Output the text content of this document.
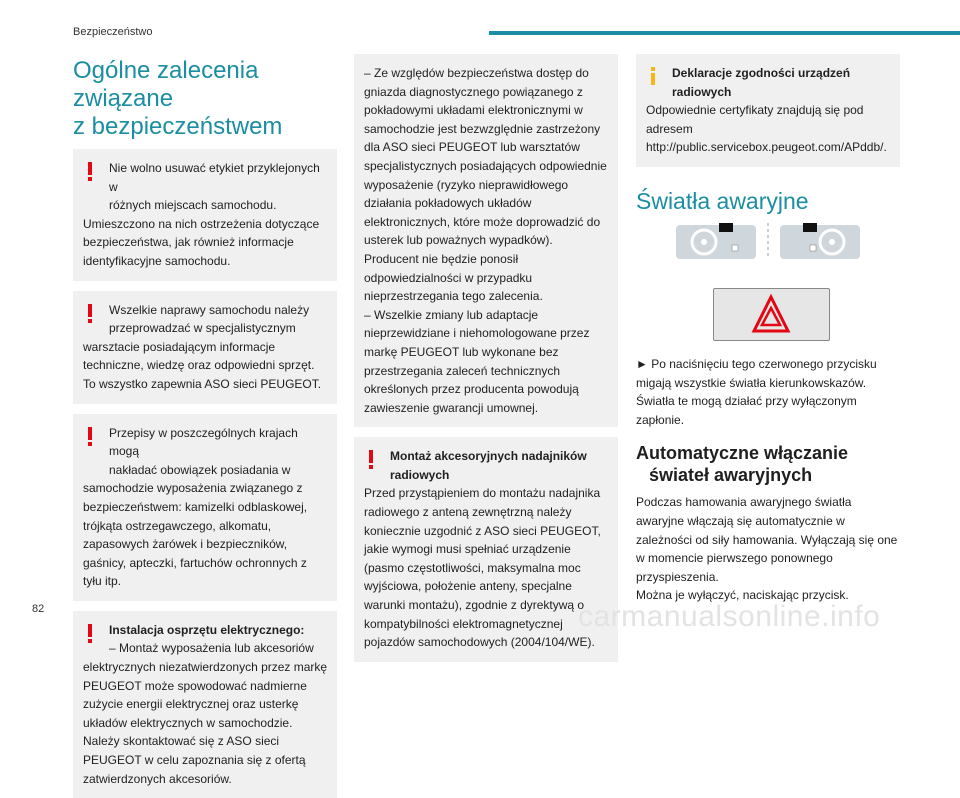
Bezpieczeństwo
Ogólne zalecenia związane
z bezpieczeństwem
Nie wolno usuwać etykiet przyklejonych w
różnych miejscach samochodu.

Umieszczono na nich ostrzeżenia dotyczące bezpieczeństwa, jak również informacje identyfikacyjne samochodu.

Wszelkie naprawy samochodu należy
przeprowadzać w specjalistycznym

warsztacie posiadającym informacje techniczne, wiedzę oraz odpowiedni sprzęt. To wszystko zapewnia ASO sieci PEUGEOT.

Przepisy w poszczególnych krajach mogą
nakładać obowiązek posiadania w

samochodzie wyposażenia związanego z bezpieczeństwem: kamizelki odblaskowej, trójkąta ostrzegawczego, alkomatu, zapasowych żarówek i bezpieczników, gaśnicy, apteczki, fartuchów ochronnych z tyłu itp.

Instalacja osprzętu elektrycznego:
– Montaż wyposażenia lub akcesoriów

elektrycznych niezatwierdzonych przez markę PEUGEOT może spowodować nadmierne zużycie energii elektrycznej oraz usterkę układów elektrycznych w samochodzie. Należy skontaktować się z ASO sieci PEUGEOT w celu zapoznania się z ofertą zatwierdzonych akcesoriów.

– Ze względów bezpieczeństwa dostęp do gniazda diagnostycznego powiązanego z pokładowymi układami elektronicznymi w samochodzie jest bezwzględnie zastrzeżony dla ASO sieci PEUGEOT lub warsztatów specjalistycznych posiadających odpowiednie wyposażenie (ryzyko nieprawidłowego działania pokładowych układów elektronicznych, które może doprowadzić do usterek lub poważnych wypadków). Producent nie będzie ponosił odpowiedzialności w przypadku nieprzestrzegania tego zalecenia.

– Wszelkie zmiany lub adaptacje nieprzewidziane i niehomologowane przez markę PEUGEOT lub wykonane bez przestrzegania zaleceń technicznych określonych przez producenta powodują zawieszenie gwarancji umownej.

Montaż akcesoryjnych nadajników
radiowych

Przed przystąpieniem do montażu nadajnika radiowego z anteną zewnętrzną należy koniecznie uzgodnić z ASO sieci PEUGEOT, jakie wymogi musi spełniać urządzenie (pasmo częstotliwości, maksymalna moc wyjściowa, położenie anteny, specjalne warunki montażu), zgodnie z dyrektywą o kompatybilności elektromagnetycznej pojazdów samochodowych (2004/104/WE).

Deklaracje zgodności urządzeń
radiowych

Odpowiednie certyfikaty znajdują się pod adresem http://public.servicebox.peugeot.com/APddb/.

Światła awaryjne

► Po naciśnięciu tego czerwonego przycisku migają wszystkie światła kierunkowskazów.

Światła te mogą działać przy wyłączonym zapłonie.

Automatyczne włączanie
świateł awaryjnych

Podczas hamowania awaryjnego światła awaryjne włączają się automatycznie w zależności od siły hamowania. Wyłączają się one w momencie pierwszego ponownego przyspieszenia.

Można je wyłączyć, naciskając przycisk.

82	carmanualsonline.info
